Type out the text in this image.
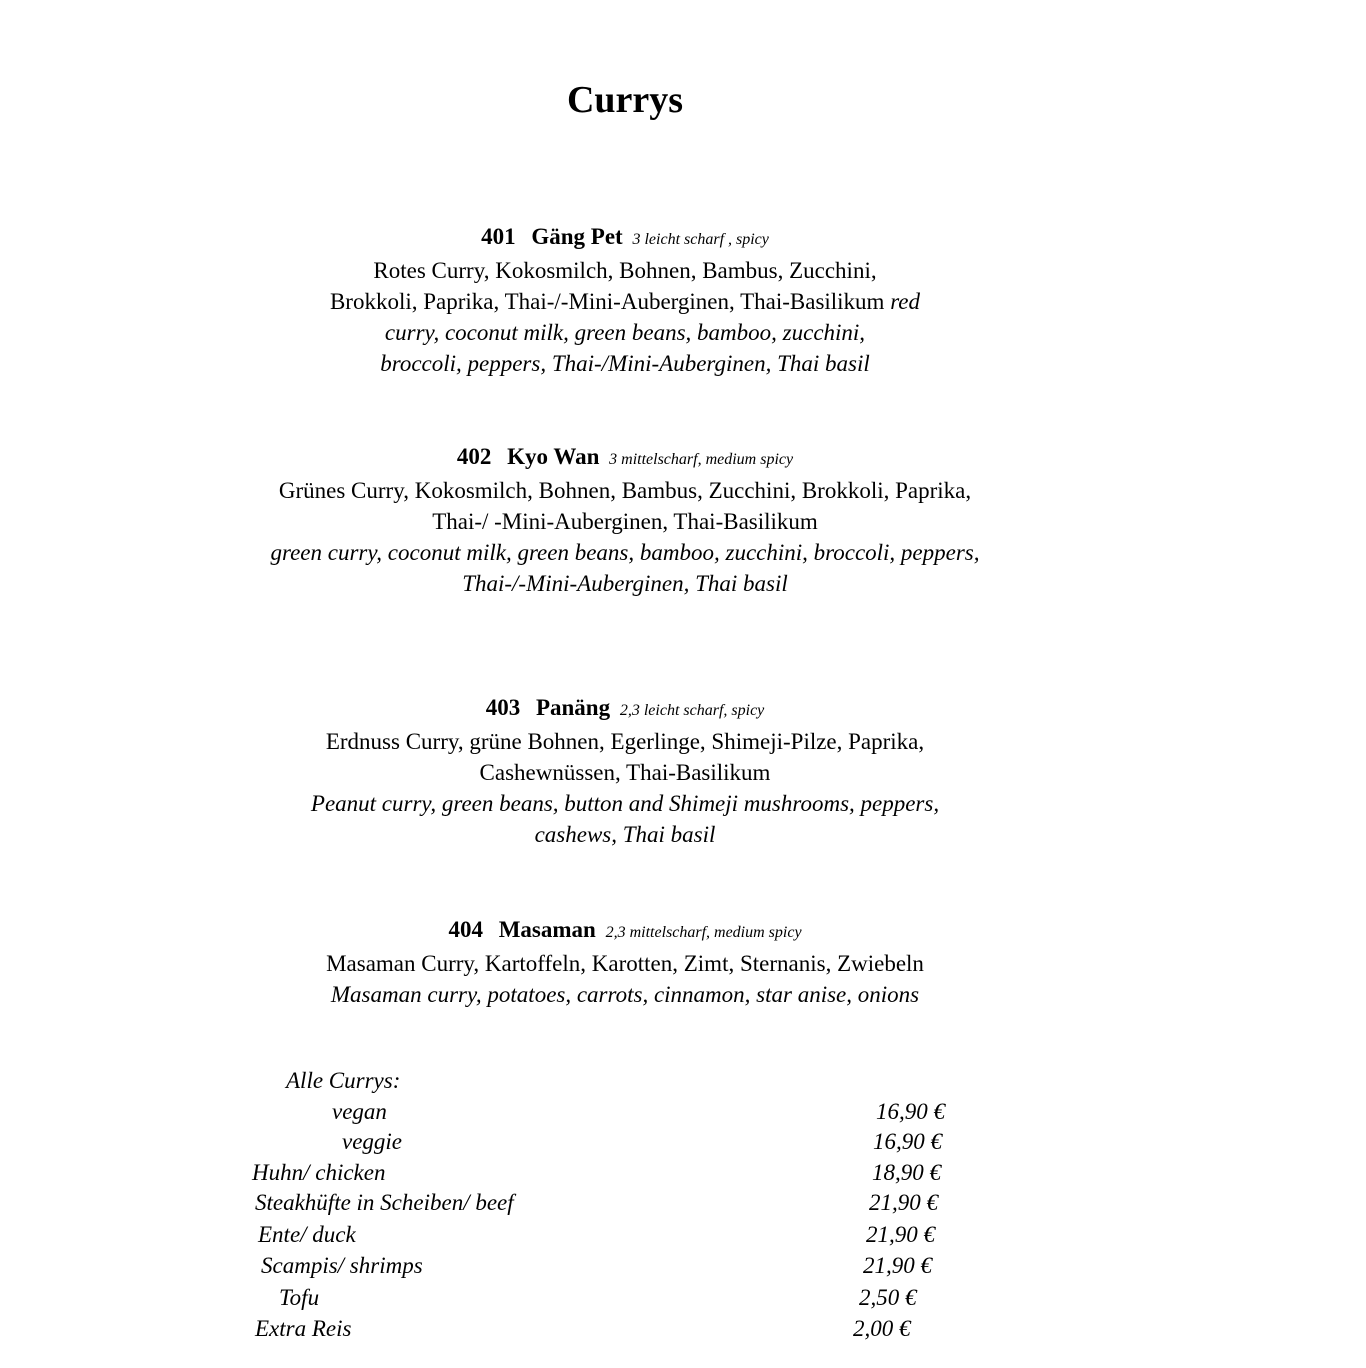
Currys
401 Gäng Pet 3 leicht scharf , spicy
Rotes Curry, Kokosmilch, Bohnen, Bambus, Zucchini,
Brokkoli, Paprika, Thai-/-Mini-Auberginen, Thai-Basilikum red
curry, coconut milk, green beans, bamboo, zucchini,
broccoli, peppers, Thai-/Mini-Auberginen, Thai basil
402 Kyo Wan 3 mittelscharf, medium spicy
Grünes Curry, Kokosmilch, Bohnen, Bambus, Zucchini, Brokkoli, Paprika,
Thai-/ -Mini-Auberginen, Thai-Basilikum
green curry, coconut milk, green beans, bamboo, zucchini, broccoli, peppers,
Thai-/-Mini-Auberginen, Thai basil
403 Panäng 2,3 leicht scharf, spicy
Erdnuss Curry, grüne Bohnen, Egerlinge, Shimeji-Pilze, Paprika,
Cashewnüssen, Thai-Basilikum
Peanut curry, green beans, button and Shimeji mushrooms, peppers,
cashews, Thai basil
404 Masaman 2,3 mittelscharf, medium spicy
Masaman Curry, Kartoffeln, Karotten, Zimt, Sternanis, Zwiebeln
Masaman curry, potatoes, carrots, cinnamon, star anise, onions
Alle Currys:
vegan	16,90 €
veggie	16,90 €
Huhn/ chicken	18,90 €
Steakhüfte in Scheiben/ beef	21,90 €
Ente/ duck	21,90 €
Scampis/ shrimps	21,90 €
Tofu	2,50 €
Extra Reis	2,00 €
